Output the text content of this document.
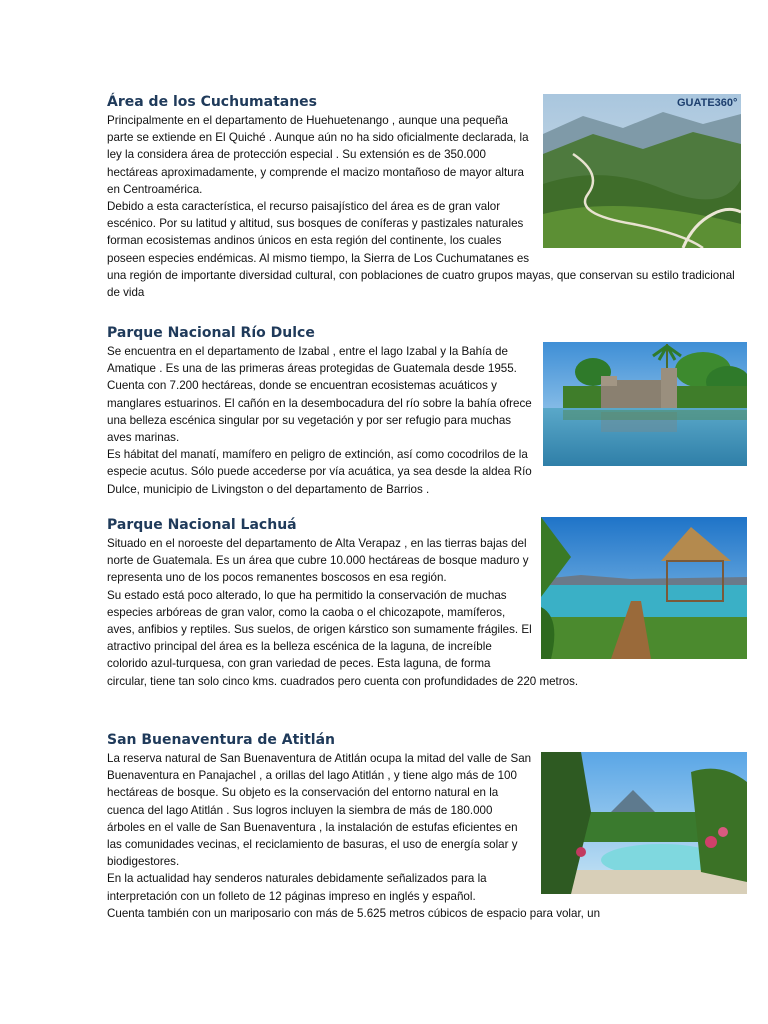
Área de los Cuchumatanes	GUATE360°

Principalmente en el departamento de Huehuetenango , aunque una pequeña parte se extiende en El Quiché . Aunque aún no ha sido oficialmente declarada, la ley la considera área de protección especial . Su extensión es de 350.000 hectáreas aproximadamente, y comprende el macizo montañoso de mayor altura en Centroamérica.

Debido a esta característica, el recurso paisajístico del área es de gran valor escénico. Por su latitud y altitud, sus bosques de coníferas y pastizales naturales forman ecosistemas andinos únicos en esta región del continente, los cuales poseen especies endémicas. Al mismo tiempo, la Sierra de Los Cuchumatanes es una región de importante diversidad cultural, con poblaciones de cuatro grupos mayas, que conservan su estilo tradicional de vida

Parque Nacional Río Dulce

Se encuentra en el departamento de Izabal , entre el lago Izabal y la Bahía de Amatique . Es una de las primeras áreas protegidas de Guatemala desde 1955. Cuenta con 7.200 hectáreas, donde se encuentran ecosistemas acuáticos y manglares estuarinos. El cañón en la desembocadura del río sobre la bahía ofrece una belleza escénica singular por su vegetación y por ser refugio para muchas aves marinas.

Es hábitat del manatí, mamífero en peligro de extinción, así como cocodrilos de la especie acutus. Sólo puede accederse por vía acuática, ya sea desde la aldea Río Dulce, municipio de Livingston o del departamento de Barrios .

Parque Nacional Lachuá

Situado en el noroeste del departamento de Alta Verapaz , en las tierras bajas del norte de Guatemala. Es un área que cubre 10.000 hectáreas de bosque maduro y representa uno de los pocos remanentes boscosos en esa región.

Su estado está poco alterado, lo que ha permitido la conservación de muchas especies arbóreas de gran valor, como la caoba o el chicozapote, mamíferos, aves, anfibios y reptiles. Sus suelos, de origen kárstico son sumamente frágiles. El atractivo principal del área es la belleza escénica de la laguna, de increíble colorido azul-turquesa, con gran variedad de peces. Esta laguna, de forma circular, tiene tan solo cinco kms. cuadrados pero cuenta con profundidades de 220 metros.

San Buenaventura de Atitlán

La reserva natural de San Buenaventura de Atitlán ocupa la mitad del valle de San Buenaventura en Panajachel , a orillas del lago Atitlán , y tiene algo más de 100 hectáreas de bosque. Su objeto es la conservación del entorno natural en la cuenca del lago Atitlán . Sus logros incluyen la siembra de más de 180.000 árboles en el valle de San Buenaventura , la instalación de estufas eficientes en las comunidades vecinas, el reciclamiento de basuras, el uso de energía solar y biodigestores.

En la actualidad hay senderos naturales debidamente señalizados para la interpretación con un folleto de 12 páginas impreso en inglés y español.

Cuenta también con un mariposario con más de 5.625 metros cúbicos de espacio para volar, un
